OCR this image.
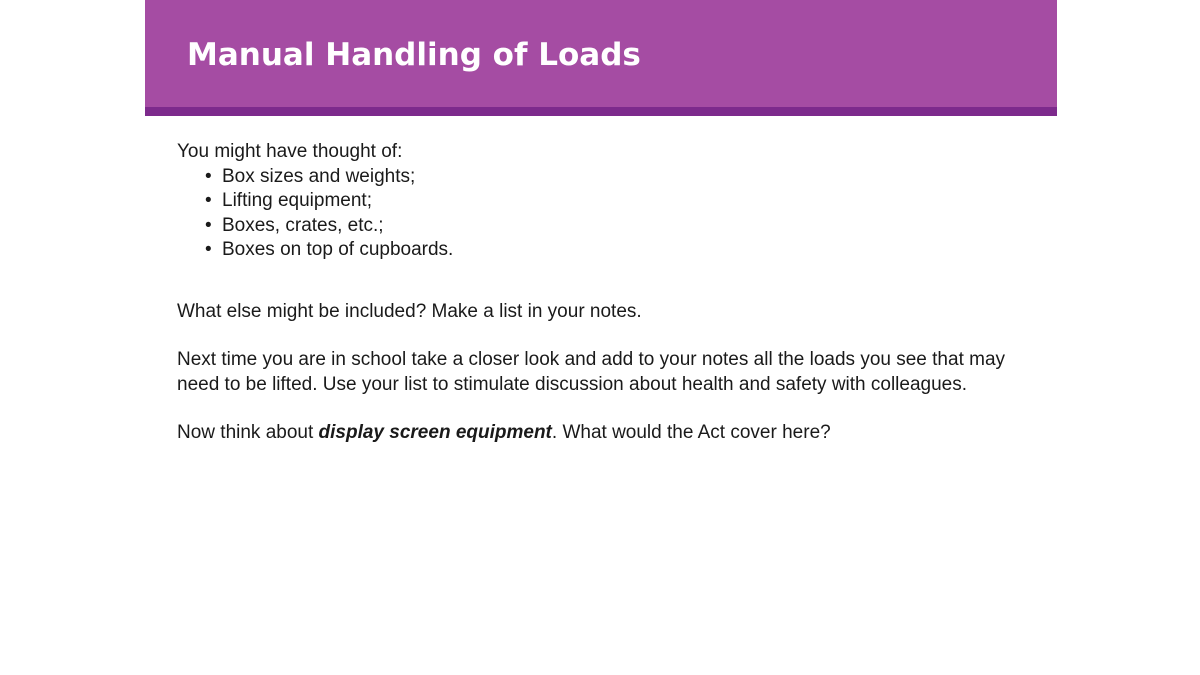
Manual Handling of Loads

You might have thought of:

• Box sizes and weights;
• Lifting equipment;
• Boxes, crates, etc.;
• Boxes on top of cupboards.

What else might be included? Make a list in your notes.

Next time you are in school take a closer look and add to your notes all the loads you see that may need to be lifted. Use your list to stimulate discussion about health and safety with colleagues.

Now think about display screen equipment. What would the Act cover here?
